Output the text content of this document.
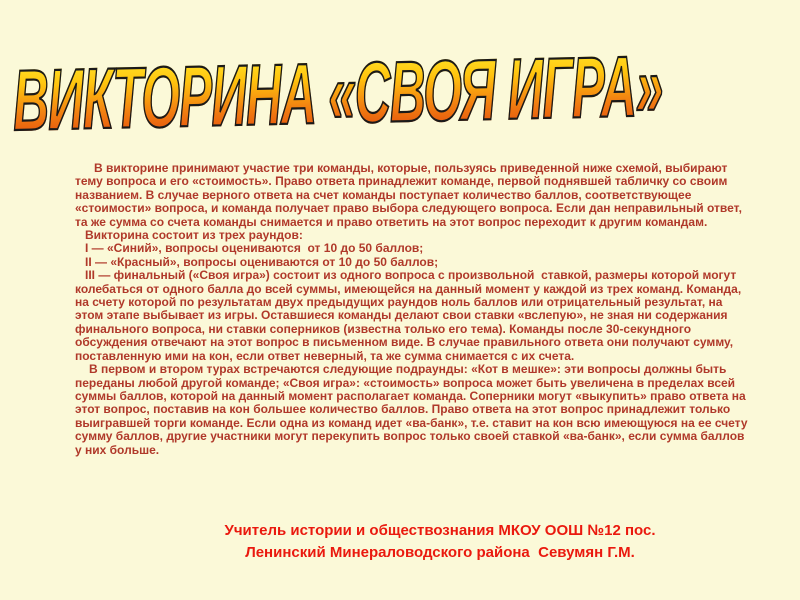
ВИКТОРИНА «СВОЯ ИГРА»

В викторине принимают участие три команды, которые, пользуясь приведенной ниже схемой, выбирают тему вопроса и его «стоимость». Право ответа принадлежит команде, первой поднявшей табличку со своим названием. В случае верного ответа на счет команды поступает количество баллов, соответствующее «стоимости» вопроса, и команда получает право выбора следующего вопроса. Если дан неправильный ответ, та же сумма со счета команды снимается и право ответить на этот вопрос переходит к другим командам.

Викторина состоит из трех раундов:

I — «Синий», вопросы оцениваются  от 10 до 50 баллов;

II — «Красный», вопросы оцениваются от 10 до 50 баллов;

III — финальный («Своя игра») состоит из одного вопроса с произвольной  ставкой, размеры которой могут колебаться от одного балла до всей суммы, имеющейся на данный момент у каждой из трех команд. Команда, на счету которой по результатам двух предыдущих раундов ноль баллов или отрицательный результат, на этом этапе выбывает из игры. Оставшиеся команды делают свои ставки «вслепую», не зная ни содержания финального вопроса, ни ставки соперников (известна только его тема). Команды после 30-секундного обсуждения отвечают на этот вопрос в письменном виде. В случае правильного ответа они получают сумму, поставленную ими на кон, если ответ неверный, та же сумма снимается с их счета.

В первом и втором турах встречаются следующие подраунды: «Кот в мешке»: эти вопросы должны быть переданы любой другой команде; «Своя игра»: «стоимость» вопроса может быть увеличена в пределах всей суммы баллов, которой на данный момент располагает команда. Соперники могут «выкупить» право ответа на этот вопрос, поставив на кон большее количество баллов. Право ответа на этот вопрос принадлежит только выигравшей торги команде. Если одна из команд идет «ва-банк», т.е. ставит на кон всю имеющуюся на ее счету сумму баллов, другие участники могут перекупить вопрос только своей ставкой «ва-банк», если сумма баллов у них больше.

Учитель истории и обществознания МКОУ ООШ №12 пос.
Ленинский Минераловодского района  Севумян Г.М.
